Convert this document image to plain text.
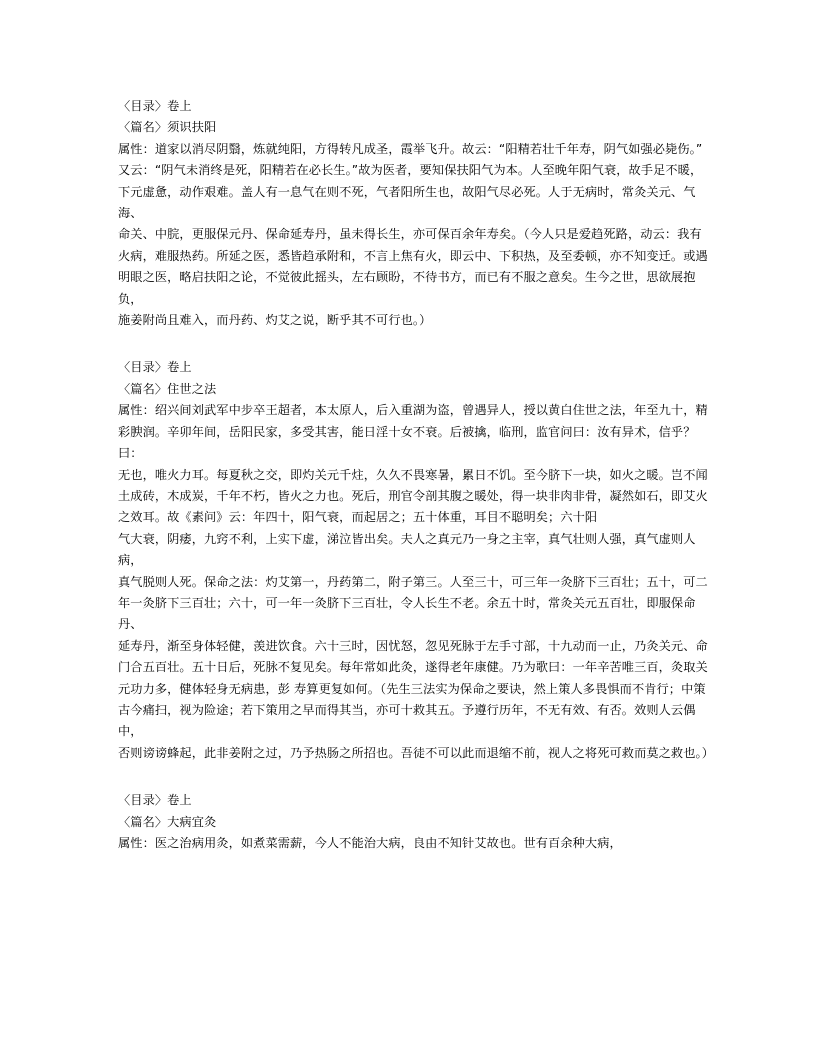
〈目录〉卷上
〈篇名〉须识扶阳
属性：道家以消尽阴翳，炼就纯阳，方得转凡成圣，霞举飞升。故云：“阳精若壮千年寿，阴气如强必毙伤。”
又云：“阴气未消终是死，阳精若在必长生。”故为医者，要知保扶阳气为本。人至晚年阳气衰，故手足不暖，
下元虚惫，动作艰难。盖人有一息气在则不死，气者阳所生也，故阳气尽必死。人于无病时，常灸关元、气海、
命关、中脘，更服保元丹、保命延寿丹，虽未得长生，亦可保百余年寿矣。（今人只是爱趋死路，动云：我有
火病，难服热药。所延之医，悉皆趋承附和，不言上焦有火，即云中、下积热，及至委顿，亦不知变迁。或遇
明眼之医，略启扶阳之论，不觉彼此摇头，左右顾盼，不待书方，而已有不服之意矣。生今之世，思欲展抱负，
施姜附尚且难入，而丹药、灼艾之说，断乎其不可行也。）
〈目录〉卷上
〈篇名〉住世之法
属性：绍兴间刘武军中步卒王超者，本太原人，后入重湖为盗，曾遇异人，授以黄白住世之法，年至九十，精
彩腴润。辛卯年间，岳阳民家，多受其害，能日淫十女不衰。后被擒，临刑，监官问曰：汝有异术，信乎？曰：
无也，唯火力耳。每夏秋之交，即灼关元千炷，久久不畏寒暑，累日不饥。至今脐下一块，如火之暖。岂不闻
土成砖，木成炭，千年不朽，皆火之力也。死后，刑官令剖其腹之暖处，得一块非肉非骨，凝然如石，即艾火
之效耳。故《素问》云：年四十，阳气衰，而起居之；五十体重，耳目不聪明矣；六十阳
气大衰，阴痿，九窍不利，上实下虚，涕泣皆出矣。夫人之真元乃一身之主宰，真气壮则人强，真气虚则人病，
真气脱则人死。保命之法：灼艾第一，丹药第二，附子第三。人至三十，可三年一灸脐下三百壮；五十，可二
年一灸脐下三百壮；六十，可一年一灸脐下三百壮，令人长生不老。余五十时，常灸关元五百壮，即服保命丹、
延寿丹，渐至身体轻健，羡进饮食。六十三时，因忧怒，忽见死脉于左手寸部，十九动而一止，乃灸关元、命
门合五百壮。五十日后，死脉不复见矣。每年常如此灸，遂得老年康健。乃为歌曰：一年辛苦唯三百，灸取关
元功力多，健体轻身无病患，彭 寿算更复如何。（先生三法实为保命之要诀，然上策人多畏惧而不肯行；中策
古今痛扫，视为险途；若下策用之早而得其当，亦可十救其五。予遵行历年，不无有效、有否。效则人云偶中，
否则谤谤蜂起，此非姜附之过，乃予热肠之所招也。吾徒不可以此而退缩不前，视人之将死可救而莫之救也。）
〈目录〉卷上
〈篇名〉大病宜灸
属性：医之治病用灸，如煮菜需薪，今人不能治大病，良由不知针艾故也。世有百余种大病，
